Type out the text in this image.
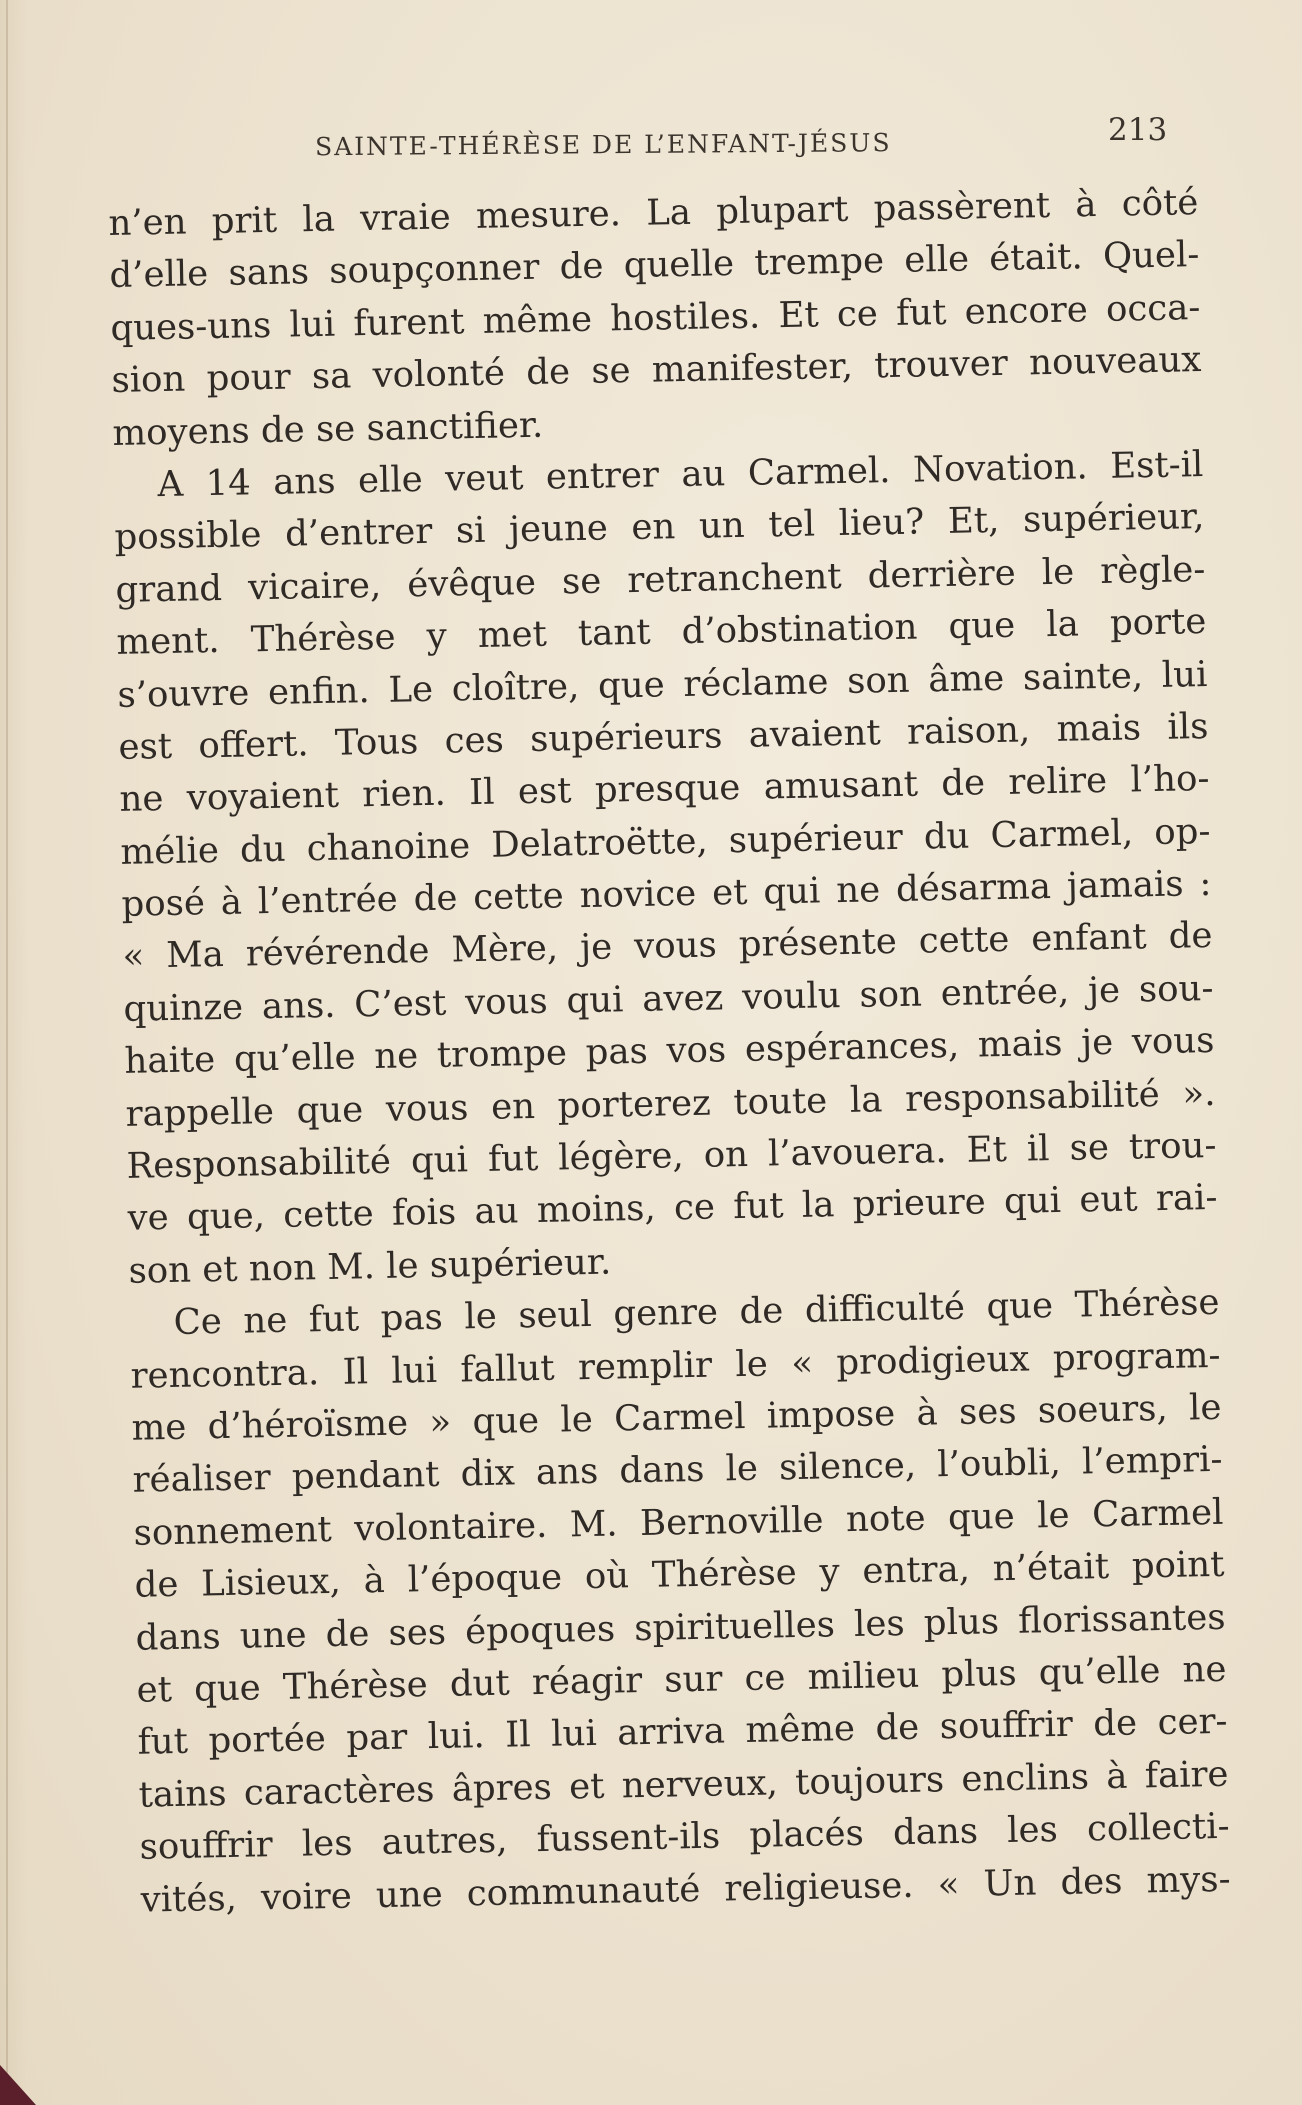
SAINTE-THÉRÈSE DE L’ENFANT-JÉSUS	213
n’en prit la vraie mesure. La plupart passèrent à côté
d’elle sans soupçonner de quelle trempe elle était. Quel-
ques-uns lui furent même hostiles. Et ce fut encore occa-
sion pour sa volonté de se manifester, trouver nouveaux
moyens de se sanctifier.
A 14 ans elle veut entrer au Carmel. Novation. Est-il
possible d’entrer si jeune en un tel lieu? Et, supérieur,
grand vicaire, évêque se retranchent derrière le règle-
ment. Thérèse y met tant d’obstination que la porte
s’ouvre enfin. Le cloître, que réclame son âme sainte, lui
est offert. Tous ces supérieurs avaient raison, mais ils
ne voyaient rien. Il est presque amusant de relire l’ho-
mélie du chanoine Delatroëtte, supérieur du Carmel, op-
posé à l’entrée de cette novice et qui ne désarma jamais :
« Ma révérende Mère, je vous présente cette enfant de
quinze ans. C’est vous qui avez voulu son entrée, je sou-
haite qu’elle ne trompe pas vos espérances, mais je vous
rappelle que vous en porterez toute la responsabilité ».
Responsabilité qui fut légère, on l’avouera. Et il se trou-
ve que, cette fois au moins, ce fut la prieure qui eut rai-
son et non M. le supérieur.
Ce ne fut pas le seul genre de difficulté que Thérèse
rencontra. Il lui fallut remplir le « prodigieux program-
me d’héroïsme » que le Carmel impose à ses soeurs, le
réaliser pendant dix ans dans le silence, l’oubli, l’empri-
sonnement volontaire. M. Bernoville note que le Carmel
de Lisieux, à l’époque où Thérèse y entra, n’était point
dans une de ses époques spirituelles les plus florissantes
et que Thérèse dut réagir sur ce milieu plus qu’elle ne
fut portée par lui. Il lui arriva même de souffrir de cer-
tains caractères âpres et nerveux, toujours enclins à faire
souffrir les autres, fussent-ils placés dans les collecti-
vités, voire une communauté religieuse. « Un des mys-
